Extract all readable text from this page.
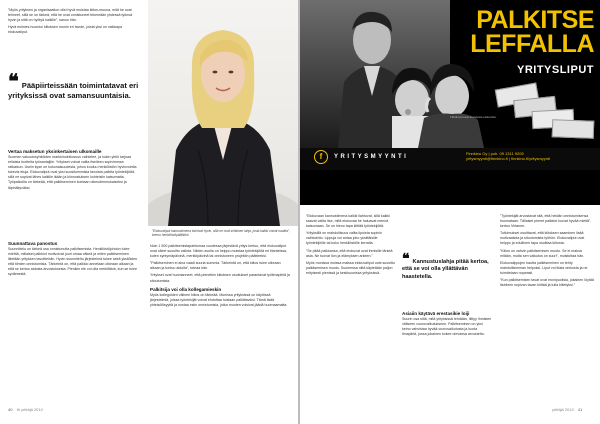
”Myös yrityksen ja organisaation olisi hyvä muistaa kiitos-muuna, mitä he ovat tehneet, sillä se on tärkeä, että he ovat onnistuneet tekemään yhdessä työnsä hyvin ja siitä on hyötyä kaikille”, sanoo hän.

Hyvä esimies huomioi kiitoksen monin eri tavoin, joista yksi on vaikkapa elokuvaliput.

❝ Pääpiirteissään toimintatavat eri yrityksissä ovat samansuuntaisia.
Vertaa maksetun yksinkertaisen ulkomaille

Suomen vakuutusyhtiöiden markkinointiosuus vaihtelee, ja kukin yhtiö tarjoaa erilaisia tuotteita työnantajille. Yritykset voivat valita itselleen sopivimman ratkaisun. Usein kyse on kokonaisuudesta, johon kuuluu henkilöstön hyvinvointia tukevia etuja. Elokuvaliput ovat yksi suosituimmista tavoista palkita työntekijöitä, sillä ne sopivat lähes kaikille ikään ja kiinnostuksen kohteisiin katsomatta. Työpaikoilla on tärkeää, että palkitseminen koetaan oikeudenmukaiseksi ja läpinäkyväksi.

Suunnattava panostus

Suunnittelu on tärkeä osa onnistunutta palkitsemista. Henkilöstöjohdon tulee miettiä, millaiset palkkiot motivoivat juuri omaa väkeä ja miten palkitseminen liitetään yrityksen tavoitteisiin. Hyvin suunniteltu järjestelmä tukee sekä yksilöiden että tiimien onnistumisia. Tärkeintä on, että palkkio annetaan oikeaan aikaan ja että se kertoo aidosta arvostuksesta. Pienikin ele voi olla merkittävä, kun se tulee sydämestä.

”Elokuvaliput kannustimena toimivat hyvin, sillä ne ovat sellainen lahja, josta kaikki voivat nauttia”, kertoo henkilöstöpäällikkö.

Noin 1 500 palkitsemistapahtumaa vuodessa järjestävä yritys kertoo, että elokuvaliput ovat olleet suosittu valinta. Niiden avulla on helppo muistaa työntekijöitä eri tilanteissa, kuten syntymäpäivinä, merkkipäivinä tai onnistuneen projektin päätteeksi.

”Palkitseminen ei aina vaadi suuria summia. Tärkeintä on, että kiitos tulee oikeaan aikaan ja tuntuu aidolta”, toteaa hän.

Yritykset ovat huomanneet, että pienetkin kiitoksen osoitukset parantavat työilmapiiriä ja sitoutumista.

Palkitsija voi olla kollegamieskin

Myös kollegoiden välinen kiitos on tärkeää. Monissa yrityksissä on käytössä järjestelmiä, joissa työntekijät voivat ehdottaa toisiaan palkittaviksi. Tämä lisää yhteisöllisyyttä ja nostaa esiin onnistumisia, jotka muuten voisivat jäädä huomaamatta.

40 fö yrittäjä 2010
Tähdet ja kuvat kuvatuista elokuvista.
PALKITSE
LEFFALLA
YRITYSLIPUT
f	YRITYSMYYNTI
Finnkino Oy | puh. 09 1311 9205
yritysmyynti@finnkino.fi | finnkino.fi/yritysmyynti

”Elokuvaan kannustimena kaikki ilahtuvat, sillä kaikki saavat valita itse, mitä elokuvaa he haluavat mennä katsomaan. Se on hieno tapa kiittää työntekijöitä.

Yrityksillä on mahdollisuus valita lipuista sopivin vaihtoehto. Lippuja voi antaa joko yksittäisille työntekijöille tai koko henkilöstölle kerralla.

”Se pitää paikkansa, että elokuvat ovat ihmisille tärkeä asia. Ne tuovat ilon ja elämyksen arkeen.”

Myös monissa muissa maissa elokuvaliput ovat suosittu palkitsemisen muoto. Suomessa niitä käytetään paljon erityisesti pienissä ja keskisuurissa yrityksissä.

❝ Kannustuslahja pitää kertoa, että se voi olla yllättävän haastetella.
Asiaiin käytävä erestasikie loiji

Suurin osa siitä, mitä yrityksissä tehdään, liittyy ihmisten väliseen vuorovaikutukseen. Palkitseminen on yksi keino vahvistaa hyvää vuorovaikutusta ja luoda ilmapiiriä, jossa jokainen kokee olevansa arvostettu.

”Työntekijät arvostavat sitä, että heidän onnistumisensa huomataan. Tällaiset pienet palkkiot luovat hyvää mieltä”, kertoo Virtanen.

Tutkimukset osoittavat, että kiitoksen saaminen lisää motivaatiota ja sitoutumista työhön. Elokuvaliput ovat helppo ja edullinen tapa osoittaa kiitosta.

”Kiitos on vahvin palkitsemisen muoto. Se ei maksa mitään, mutta sen vaikutus on suuri”, muistuttaa hän.

Elokuvalippujen kautta palkitseminen on tehty mahdollisimman helpoksi. Liput voi tilata verkosta ja ne toimitetaan nopeasti.

”Kun palkitsemisen tavat ovat monipuolisia, jokainen löytää itselleen sopivan tavan kiittää ja tulla kiitetyksi.”

yrittäjä 2010 41
